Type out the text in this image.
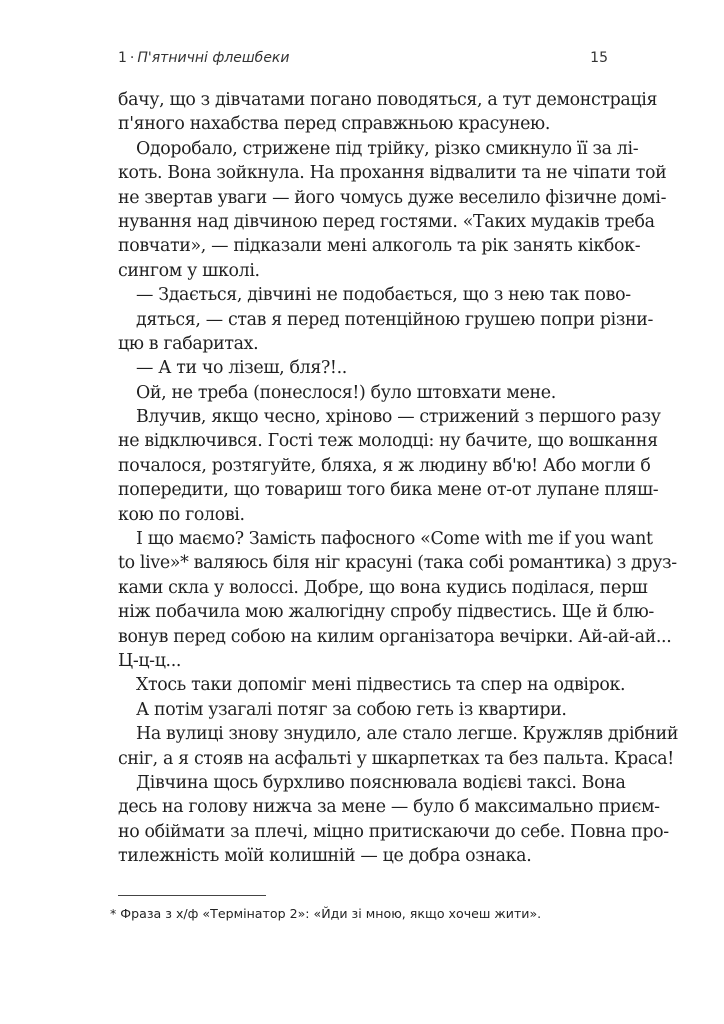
1 · П'ятничні флешбеки	15
бачу, що з дівчатами погано поводяться, а тут демонстрація
п'яного нахабства перед справжньою красунею.
Одоробало, стрижене під трійку, різко смикнуло її за лі-
коть. Вона зойкнула. На прохання відвалити та не чіпати той
не звертав уваги — його чомусь дуже веселило фізичне домі-
нування над дівчиною перед гостями. «Таких мудаків треба
повчати», — підказали мені алкоголь та рік занять кікбок-
сингом у школі.
— Здається, дівчині не подобається, що з нею так пово-
дяться, — став я перед потенційною грушею попри різни-
цю в габаритах.
— А ти чо лізеш, бля?!..
Ой, не треба (понеслося!) було штовхати мене.
Влучив, якщо чесно, хріново — стрижений з першого разу
не відключився. Гості теж молодці: ну бачите, що вошкання
почалося, розтягуйте, бляха, я ж людину вб'ю! Або могли б
попередити, що товариш того бика мене от-от лупане пляш-
кою по голові.
І що маємо? Замість пафосного «Come with me if you want
to live»* валяюсь біля ніг красуні (така собі романтика) з друз-
ками скла у волоссі. Добре, що вона кудись поділася, перш
ніж побачила мою жалюгідну спробу підвестись. Ще й блю-
вонув перед собою на килим організатора вечірки. Ай-ай-ай...
Ц-ц-ц...
Хтось таки допоміг мені підвестись та спер на одвірок.
А потім узагалі потяг за собою геть із квартири.
На вулиці знову знудило, але стало легше. Кружляв дрібний
сніг, а я стояв на асфальті у шкарпетках та без пальта. Краса!
Дівчина щось бурхливо пояснювала водієві таксі. Вона
десь на голову нижча за мене — було б максимально приєм-
но обіймати за плечі, міцно притискаючи до себе. Повна про-
тилежність моїй колишній — це добра ознака.
* Фраза з х/ф «Термінатор 2»: «Йди зі мною, якщо хочеш жити».
